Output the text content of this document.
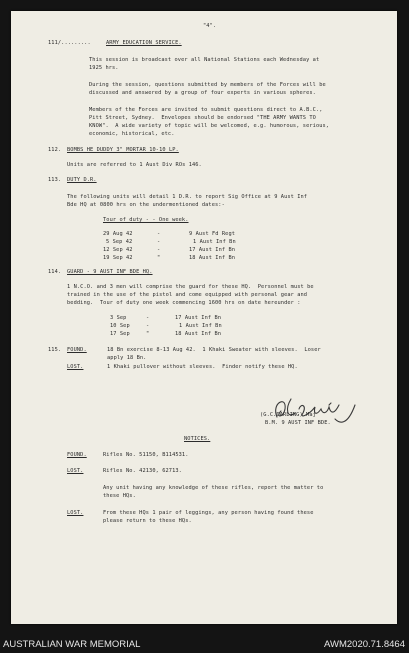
"4".
111/.........	ARMY EDUCATION SERVICE.
This session is broadcast over all National Stations each Wednesday at
1925 hrs.
During the session, questions submitted by members of the Forces will be
discussed and answered by a group of four experts in various spheres.
Members of the Forces are invited to submit questions direct to A.B.C.,
Pitt Street, Sydney.  Envelopes should be endorsed "THE ARMY WANTS TO
KNOW".  A wide variety of topic will be welcomed, e.g. humorous, serious,
economic, historical, etc.
112. BOMBS HE DUDDY 3" MORTAR 10-10 LP.
Units are referred to 1 Aust Div ROs 146.
113. DUTY D.R.
The following units will detail 1 D.R. to report Sig Office at 9 Aust Inf
Bde HQ at 0800 hrs on the undermentioned dates:-
Tour of duty - - One week.
29 Aug 42	-	9 Aust Fd Regt
5 Sep 42	-	1 Aust Inf Bn
12 Sep 42	-	17 Aust Inf Bn
19 Sep 42	"	18 Aust Inf Bn
114. GUARD - 9 AUST INF BDE HQ.
1 N.C.O. and 3 men will comprise the guard for these HQ.  Personnel must be
trained in the use of the pistol and come equipped with personal gear and
bedding.  Tour of duty one week commencing 1600 hrs on date hereunder :
3 Sep	-	17 Aust Inf Bn
10 Sep	-	1 Aust Inf Bn
17 Sep	"	18 Aust Inf Bn
115. FOUND.	18 Bn exercise 8-13 Aug 42.  1 Khaki Sweater with sleeves.  Loser
apply 18 Bn.
LOST.	1 Khaki pullover without sleeves.  Finder notify these HQ.
(G.C.DARLING) Maj
B.M. 9 AUST INF BDE.
NOTICES.
FOUND.	Rifles No. 51150, B114531.
LOST.	Rifles No. 42130, 62713.
Any unit having any knowledge of these rifles, report the matter to
these HQs.
LOST.	From these HQs 1 pair of leggings, any person having found these
please return to these HQs.
AUSTRALIAN WAR MEMORIAL	AWM2020.71.8464
